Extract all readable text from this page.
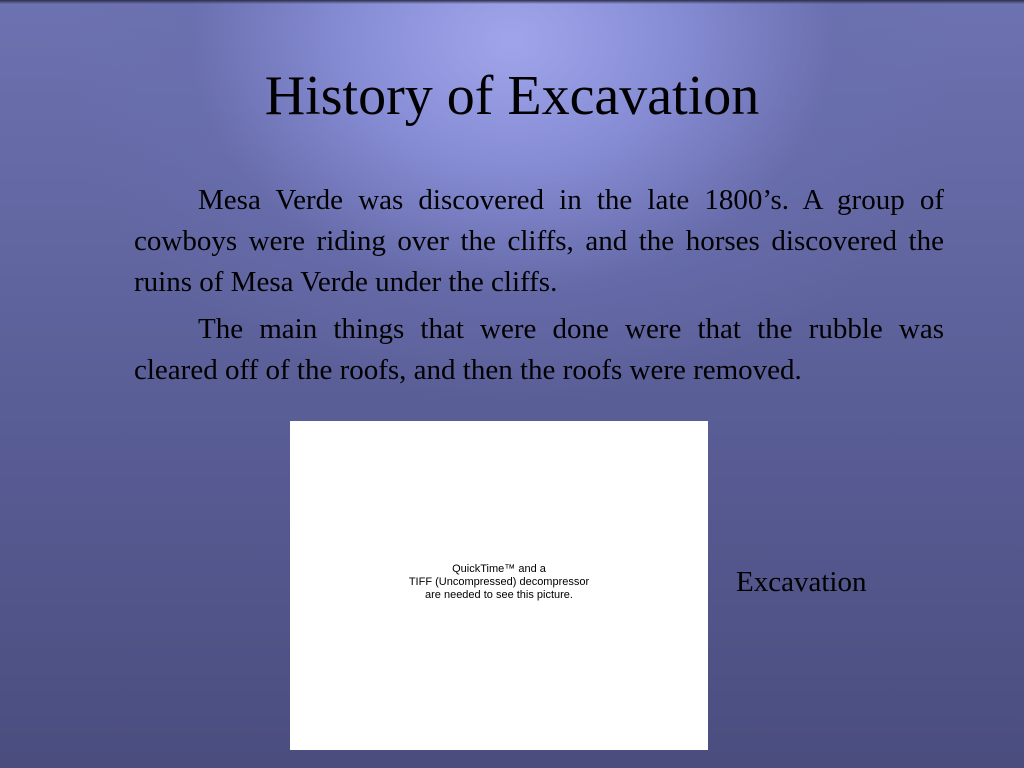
History of Excavation

Mesa Verde was discovered in the late 1800’s. A group of cowboys were riding over the cliffs, and the horses discovered the ruins of Mesa Verde under the cliffs.

The main things that were done were that the rubble was cleared off of the roofs, and then the roofs were removed.

QuickTime™ and a
TIFF (Uncompressed) decompressor
are needed to see this picture.	Excavation
